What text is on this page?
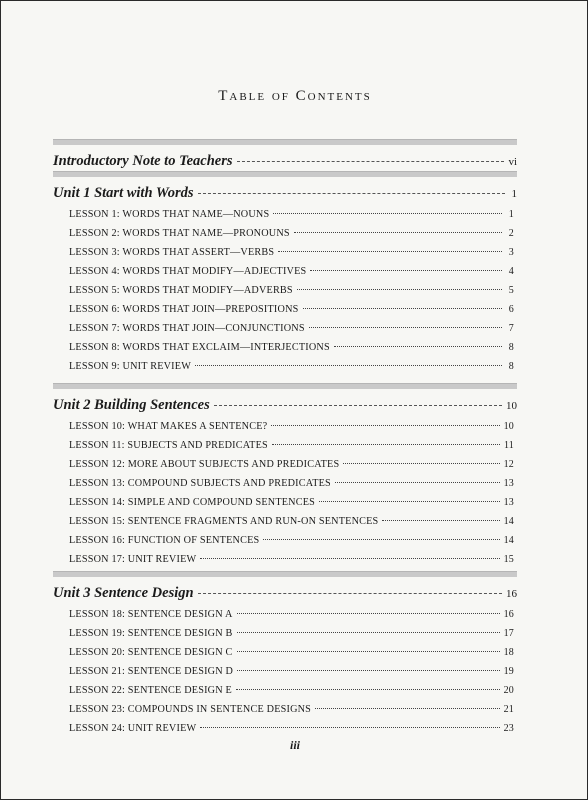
Table of Contents
Introductory Note to Teachers	vi
Unit 1 Start with Words	1
LESSON 1: WORDS THAT NAME—NOUNS	1
LESSON 2: WORDS THAT NAME—PRONOUNS	2
LESSON 3: WORDS THAT ASSERT—VERBS	3
LESSON 4: WORDS THAT MODIFY—ADJECTIVES	4
LESSON 5: WORDS THAT MODIFY—ADVERBS	5
LESSON 6: WORDS THAT JOIN—PREPOSITIONS	6
LESSON 7: WORDS THAT JOIN—CONJUNCTIONS	7
LESSON 8: WORDS THAT EXCLAIM—INTERJECTIONS	8
LESSON 9: UNIT REVIEW	8
Unit 2 Building Sentences	10
LESSON 10: WHAT MAKES A SENTENCE?	10
LESSON 11: SUBJECTS AND PREDICATES	11
LESSON 12: MORE ABOUT SUBJECTS AND PREDICATES	12
LESSON 13: COMPOUND SUBJECTS AND PREDICATES	13
LESSON 14: SIMPLE AND COMPOUND SENTENCES	13
LESSON 15: SENTENCE FRAGMENTS AND RUN-ON SENTENCES	14
LESSON 16: FUNCTION OF SENTENCES	14
LESSON 17: UNIT REVIEW	15
Unit 3 Sentence Design	16
LESSON 18: SENTENCE DESIGN A	16
LESSON 19: SENTENCE DESIGN B	17
LESSON 20: SENTENCE DESIGN C	18
LESSON 21: SENTENCE DESIGN D	19
LESSON 22: SENTENCE DESIGN E	20
LESSON 23: COMPOUNDS IN SENTENCE DESIGNS	21
LESSON 24: UNIT REVIEW	23
iii
